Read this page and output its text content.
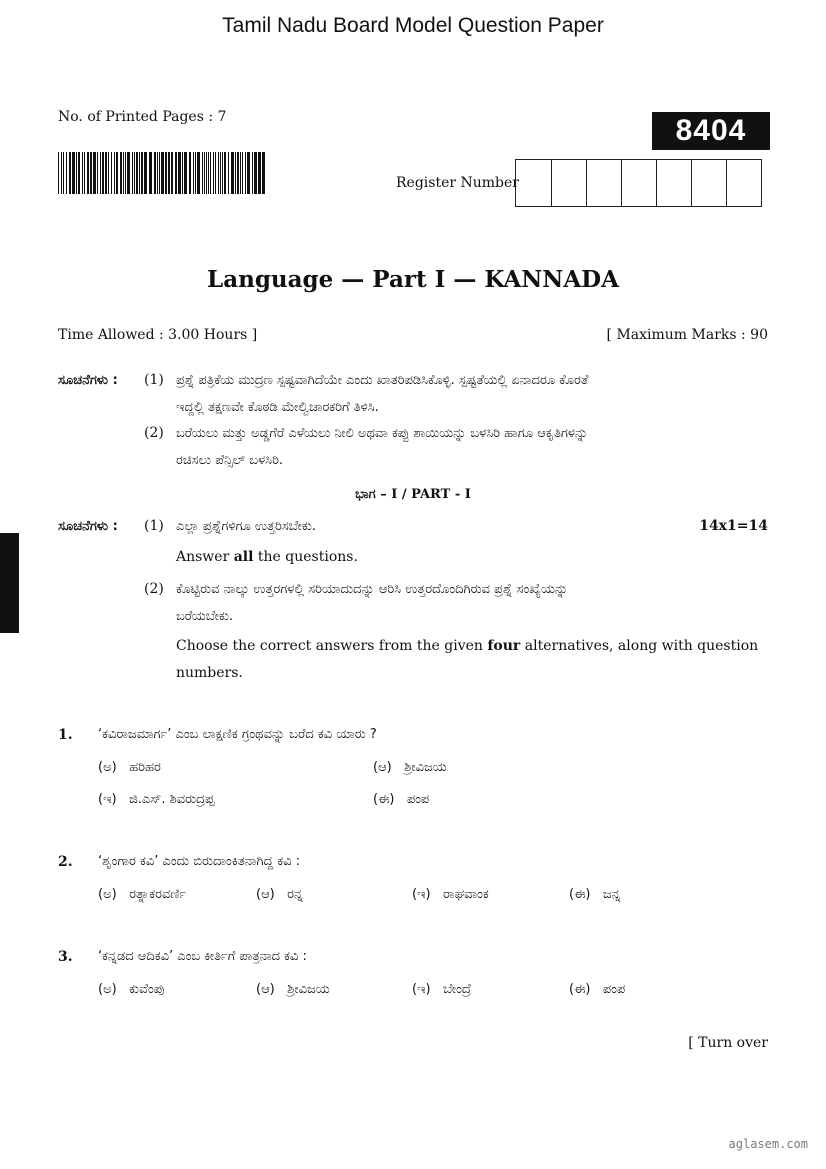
Tamil Nadu Board Model Question Paper
No. of Printed Pages : 7	8404
Register Number
Language — Part I — KANNADA
Time Allowed : 3.00 Hours ]	[ Maximum Marks : 90
ಸೂಚನೆಗಳು : (1) ಪ್ರಶ್ನೆ ಪತ್ರಿಕೆಯ ಮುದ್ರಣ ಸ್ಪಷ್ಟವಾಗಿದೆಯೇ ಎಂದು ಖಾತರಿಪಡಿಸಿಕೊಳ್ಳಿ. ಸ್ಪಷ್ಟತೆಯಲ್ಲಿ ಏನಾದರೂ ಕೊರತೆ
ಇದ್ದಲ್ಲಿ ತಕ್ಷಣವೇ ಕೊಠಡಿ ಮೇಲ್ವಿಚಾರಕರಿಗೆ ತಿಳಿಸಿ.
(2) ಬರೆಯಲು ಮತ್ತು ಅಡ್ಡಗೆರೆ ಎಳೆಯಲು ನೀಲಿ ಅಥವಾ ಕಪ್ಪು ಶಾಯಿಯನ್ನು ಬಳಸಿರಿ ಹಾಗೂ ಆಕೃತಿಗಳನ್ನು
ರಚಿಸಲು ಪೆನ್ಸಿಲ್ ಬಳಸಿರಿ.
ಭಾಗ – I / PART - I
ಸೂಚನೆಗಳು : (1) ಎಲ್ಲಾ ಪ್ರಶ್ನೆಗಳಿಗೂ ಉತ್ತರಿಸಬೇಕು.	14x1=14
Answer all the questions.
(2) ಕೊಟ್ಟಿರುವ ನಾಲ್ಕು ಉತ್ತರಗಳಲ್ಲಿ ಸರಿಯಾದುದನ್ನು ಆರಿಸಿ ಉತ್ತರದೊಂದಿಗಿರುವ ಪ್ರಶ್ನೆ ಸಂಖ್ಯೆಯನ್ನು
ಬರೆಯಬೇಕು.
Choose the correct answers from the given four alternatives, along with question
numbers.
1. ‘ಕವಿರಾಜಮಾರ್ಗ’ ಎಂಬ ಲಾಕ್ಷಣಿಕ ಗ್ರಂಥವನ್ನು ಬರೆದ ಕವಿ ಯಾರು ?
(ಅ) ಹರಿಹರ	(ಆ) ಶ್ರೀವಿಜಯ
(ಇ) ಜಿ.ಎಸ್. ಶಿವರುದ್ರಪ್ಪ	(ಈ) ಪಂಪ
2. ‘ಶೃಂಗಾರ ಕವಿ’ ಎಂದು ಬಿರುದಾಂಕಿತನಾಗಿದ್ದ ಕವಿ :
(ಅ) ರತ್ನಾಕರವರ್ಣಿ	(ಆ) ರನ್ನ	(ಇ) ರಾಘವಾಂಕ	(ಈ) ಜನ್ನ
3. ‘ಕನ್ನಡದ ಆದಿಕವಿ’ ಎಂಬ ಕೀರ್ತಿಗೆ ಪಾತ್ರನಾದ ಕವಿ :
(ಅ) ಕುವೆಂಪು	(ಆ) ಶ್ರೀವಿಜಯ	(ಇ) ಬೇಂದ್ರೆ	(ಈ) ಪಂಪ
[ Turn over
aglasem.com
